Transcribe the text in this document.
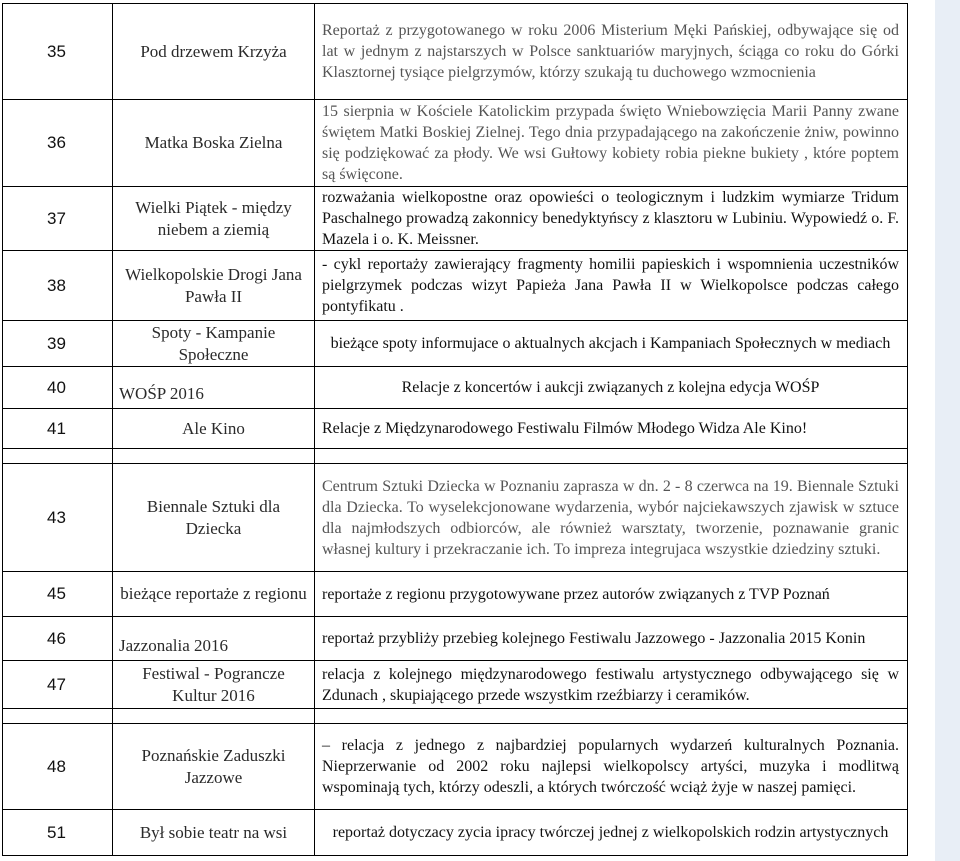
35	Pod drzewem Krzyża	Reportaż z przygotowanego w roku 2006 Misterium Męki Pańskiej, odbywające się od lat w jednym z najstarszych w Polsce sanktuariów maryjnych, ściąga co roku do Górki Klasztornej tysiące pielgrzymów, którzy szukają tu duchowego wzmocnienia
36	Matka Boska Zielna	15 sierpnia w Kościele Katolickim przypada święto Wniebowzięcia Marii Panny zwane świętem Matki Boskiej Zielnej. Tego dnia przypadającego na zakończenie żniw, powinno się podziękować za płody. We wsi Gułtowy kobiety robia piekne bukiety , które poptem są święcone.
37	Wielki Piątek - między niebem a ziemią	rozważania wielkopostne oraz opowieści o teologicznym i ludzkim wymiarze Tridum Paschalnego prowadzą zakonnicy benedyktyńscy z klasztoru w Lubiniu. Wypowiedź o. F. Mazela i o. K. Meissner.
38	Wielkopolskie Drogi Jana Pawła II	- cykl reportaży zawierający fragmenty homilii papieskich i wspomnienia uczestników pielgrzymek podczas wizyt Papieża Jana Pawła II w Wielkopolsce podczas całego pontyfikatu .
39	Spoty - Kampanie Społeczne	bieżące spoty informujace o aktualnych akcjach i Kampaniach Społecznych w mediach
40	WOŚP 2016	Relacje z koncertów i aukcji związanych z kolejna edycja WOŚP
41	Ale Kino	Relacje z Międzynarodowego Festiwalu Filmów Młodego Widza Ale Kino!

43	Biennale Sztuki dla Dziecka	Centrum Sztuki Dziecka w Poznaniu zaprasza w dn. 2 - 8 czerwca na 19. Biennale Sztuki dla Dziecka. To wyselekcjonowane wydarzenia, wybór najciekawszych zjawisk w sztuce dla najmłodszych odbiorców, ale również warsztaty, tworzenie, poznawanie granic własnej kultury i przekraczanie ich. To impreza integrujaca wszystkie dziedziny sztuki.
45	bieżące reportaże z regionu	reportaże z regionu przygotowywane przez autorów związanych z TVP Poznań
46	Jazzonalia 2016	reportaż przybliży przebieg kolejnego Festiwalu Jazzowego - Jazzonalia 2015 Konin
47	Festiwal - Pograncze Kultur 2016	relacja z kolejnego międzynarodowego festiwalu artystycznego odbywającego się w Zdunach , skupiającego przede wszystkim rzeźbiarzy i ceramików.

48	Poznańskie Zaduszki Jazzowe	– relacja z jednego z najbardziej popularnych wydarzeń kulturalnych Poznania. Nieprzerwanie od 2002 roku najlepsi wielkopolscy artyści, muzyka i modlitwą wspominają tych, którzy odeszli, a których twórczość wciąż żyje w naszej pamięci.
51	Był sobie teatr na wsi	reportaż dotyczacy zycia ipracy twórczej jednej z wielkopolskich rodzin artystycznych
